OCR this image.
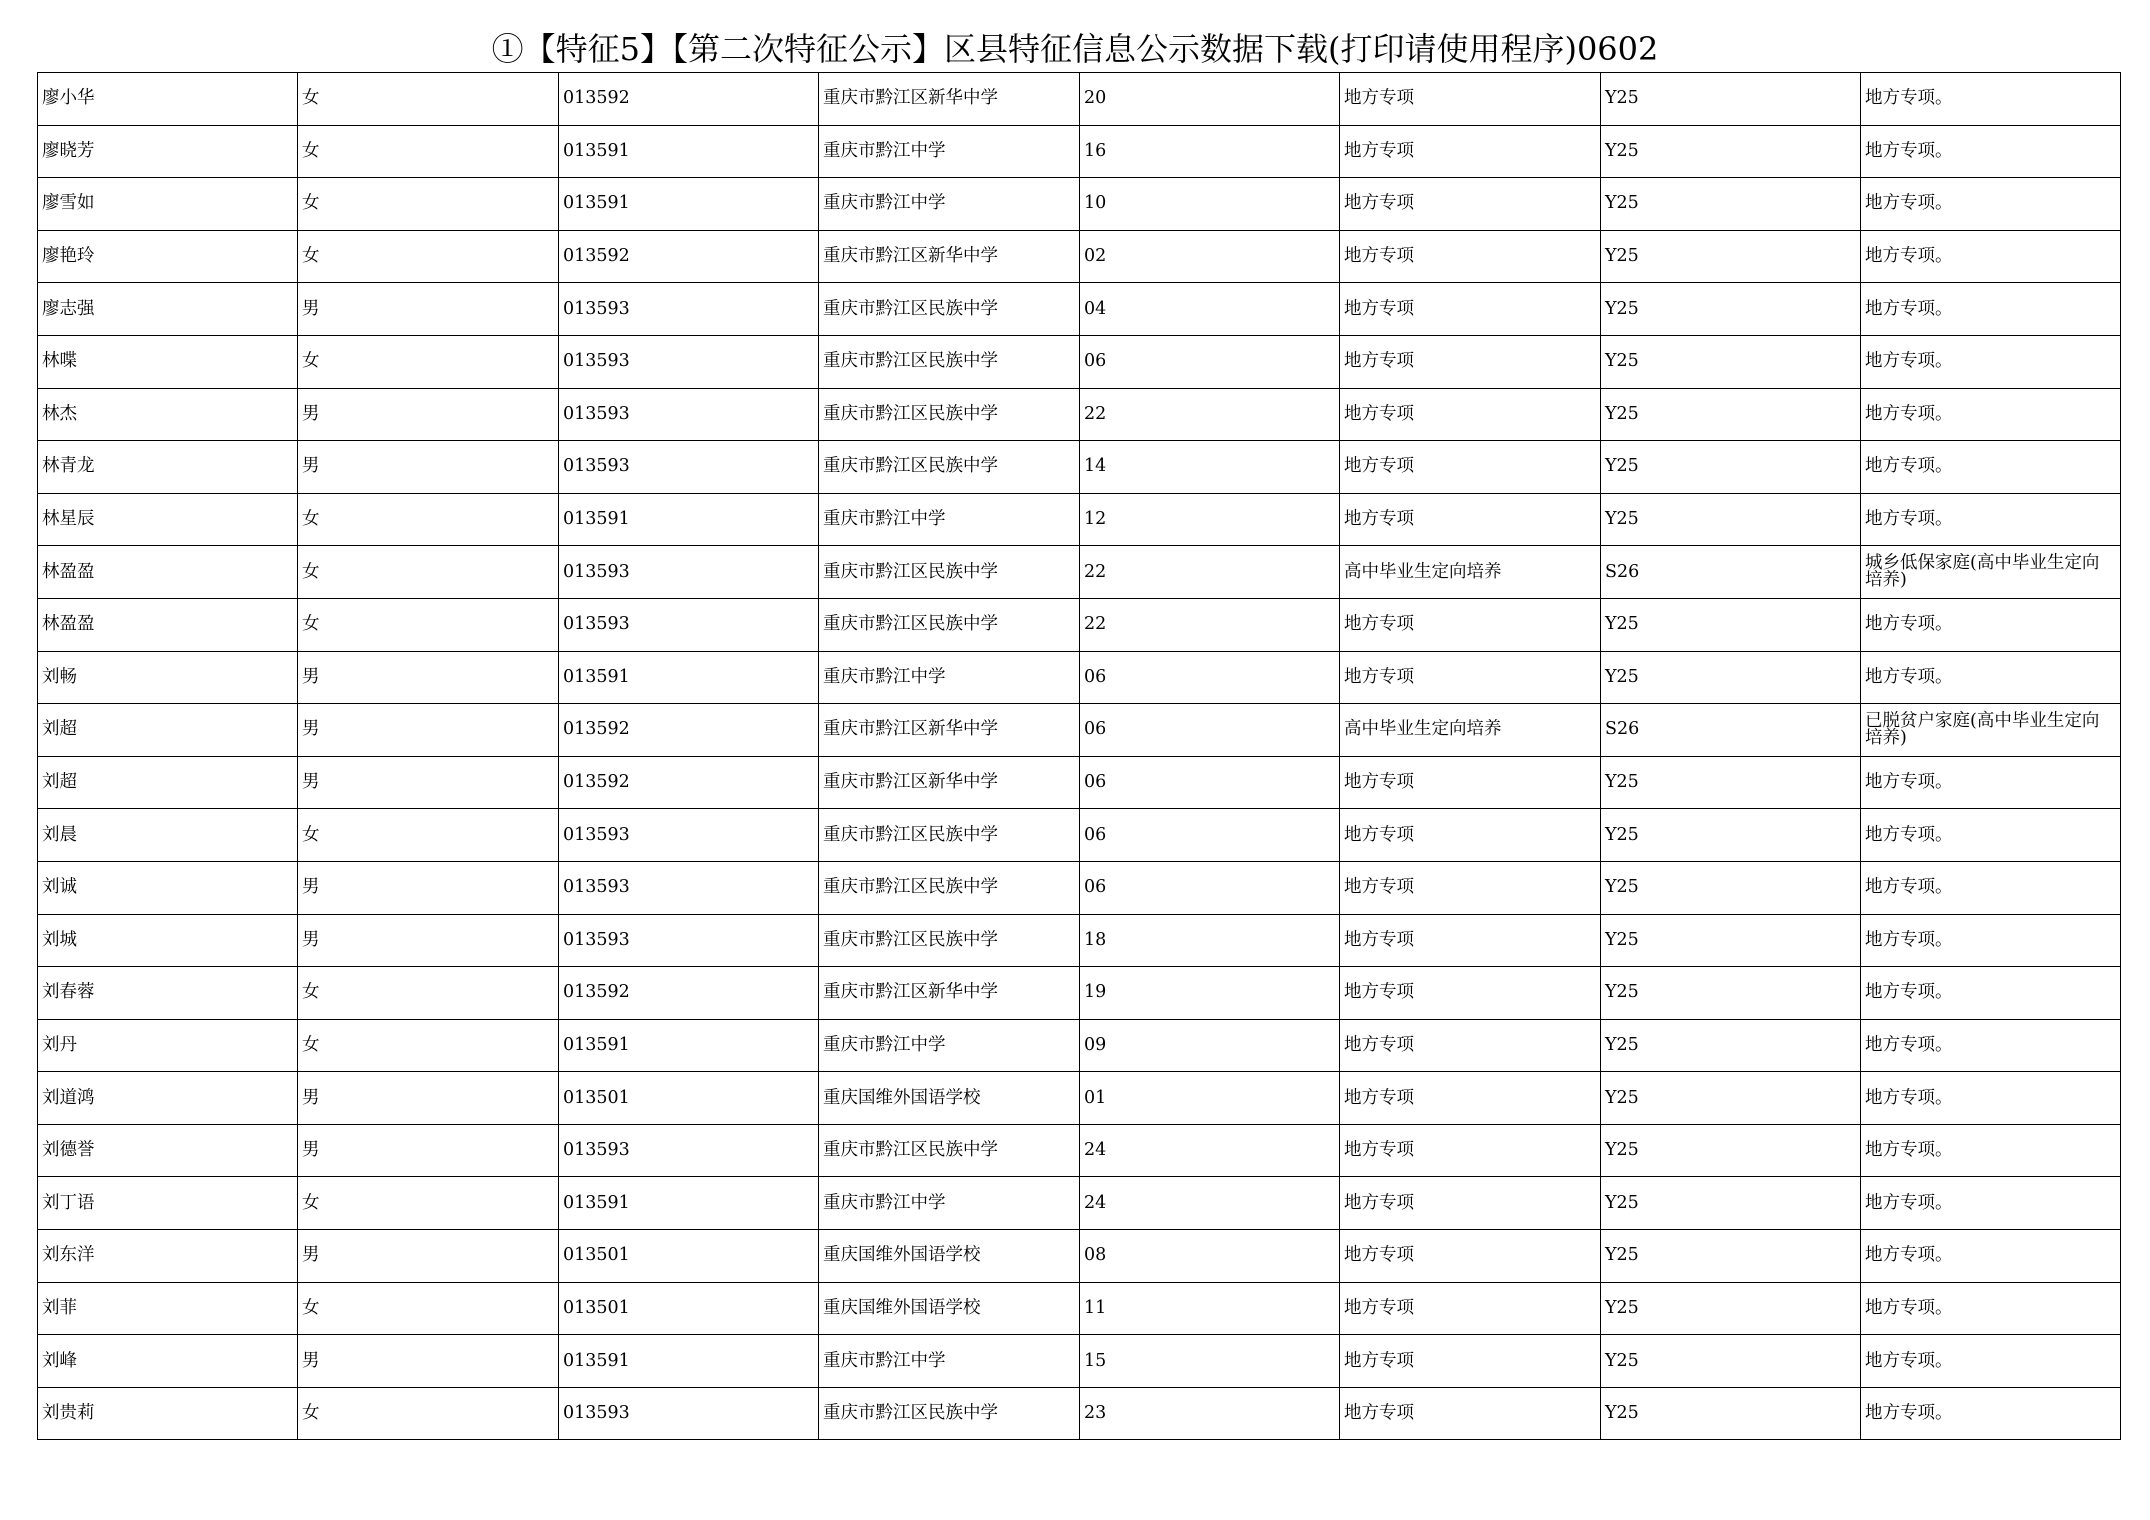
①【特征5】【第二次特征公示】区县特征信息公示数据下载(打印请使用程序)0602
廖小华	女	013592	重庆市黔江区新华中学	20	地方专项	Y25	地方专项。

廖晓芳	女	013591	重庆市黔江中学	16	地方专项	Y25	地方专项。

廖雪如	女	013591	重庆市黔江中学	10	地方专项	Y25	地方专项。

廖艳玲	女	013592	重庆市黔江区新华中学	02	地方专项	Y25	地方专项。

廖志强	男	013593	重庆市黔江区民族中学	04	地方专项	Y25	地方专项。

林喋	女	013593	重庆市黔江区民族中学	06	地方专项	Y25	地方专项。

林杰	男	013593	重庆市黔江区民族中学	22	地方专项	Y25	地方专项。

林青龙	男	013593	重庆市黔江区民族中学	14	地方专项	Y25	地方专项。

林星辰	女	013591	重庆市黔江中学	12	地方专项	Y25	地方专项。

林盈盈	女	013593	重庆市黔江区民族中学	22	高中毕业生定向培养	S26	城乡低保家庭(高中毕业生定向培养)

林盈盈	女	013593	重庆市黔江区民族中学	22	地方专项	Y25	地方专项。

刘畅	男	013591	重庆市黔江中学	06	地方专项	Y25	地方专项。

刘超	男	013592	重庆市黔江区新华中学	06	高中毕业生定向培养	S26	已脱贫户家庭(高中毕业生定向培养)

刘超	男	013592	重庆市黔江区新华中学	06	地方专项	Y25	地方专项。

刘晨	女	013593	重庆市黔江区民族中学	06	地方专项	Y25	地方专项。

刘诚	男	013593	重庆市黔江区民族中学	06	地方专项	Y25	地方专项。

刘城	男	013593	重庆市黔江区民族中学	18	地方专项	Y25	地方专项。

刘春蓉	女	013592	重庆市黔江区新华中学	19	地方专项	Y25	地方专项。

刘丹	女	013591	重庆市黔江中学	09	地方专项	Y25	地方专项。

刘道鸿	男	013501	重庆国维外国语学校	01	地方专项	Y25	地方专项。

刘德誉	男	013593	重庆市黔江区民族中学	24	地方专项	Y25	地方专项。

刘丁语	女	013591	重庆市黔江中学	24	地方专项	Y25	地方专项。

刘东洋	男	013501	重庆国维外国语学校	08	地方专项	Y25	地方专项。

刘菲	女	013501	重庆国维外国语学校	11	地方专项	Y25	地方专项。

刘峰	男	013591	重庆市黔江中学	15	地方专项	Y25	地方专项。

刘贵莉	女	013593	重庆市黔江区民族中学	23	地方专项	Y25	地方专项。
